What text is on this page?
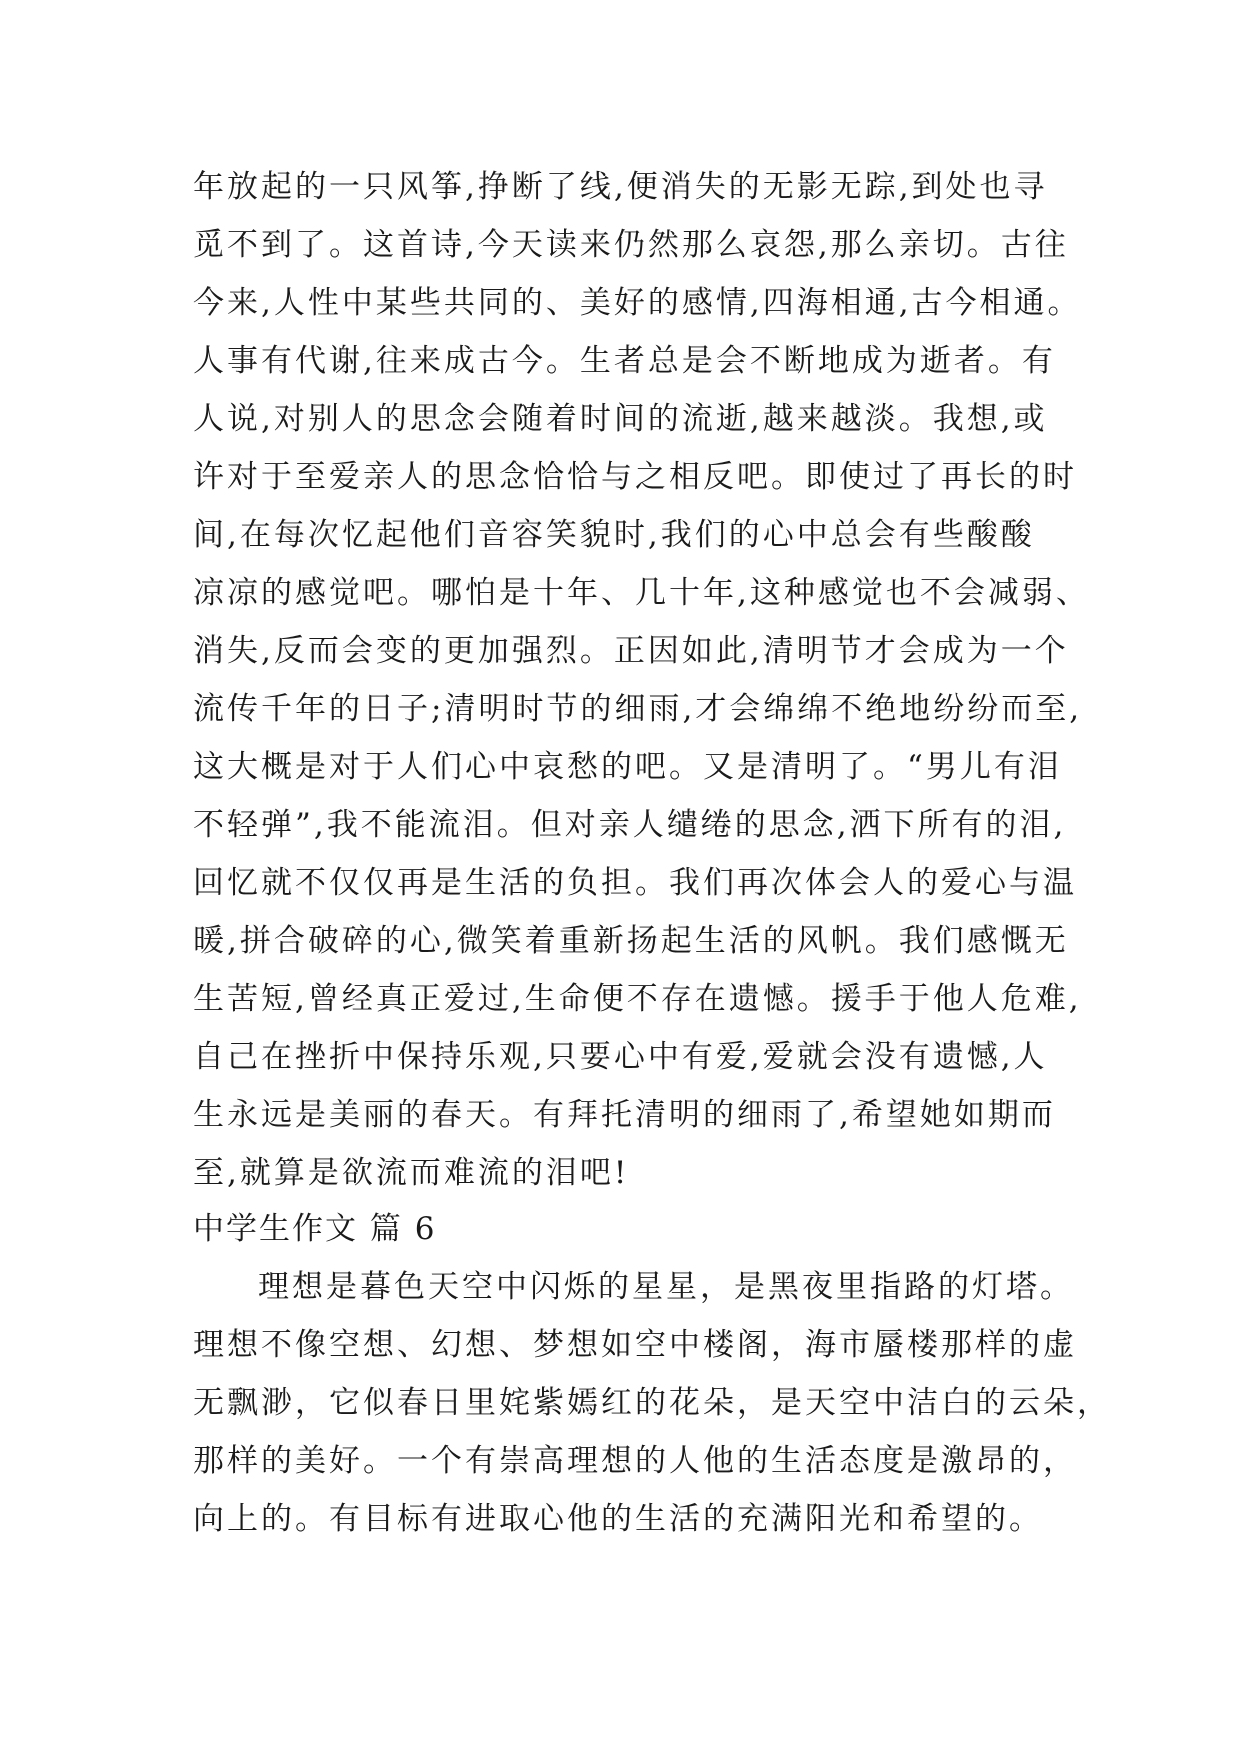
年放起的一只风筝,挣断了线,便消失的无影无踪,到处也寻
觅不到了。这首诗,今天读来仍然那么哀怨,那么亲切。古往
今来,人性中某些共同的、美好的感情,四海相通,古今相通。
人事有代谢,往来成古今。生者总是会不断地成为逝者。有
人说,对别人的思念会随着时间的流逝,越来越淡。我想,或
许对于至爱亲人的思念恰恰与之相反吧。即使过了再长的时
间,在每次忆起他们音容笑貌时,我们的心中总会有些酸酸
凉凉的感觉吧。哪怕是十年、几十年,这种感觉也不会减弱、
消失,反而会变的更加强烈。正因如此,清明节才会成为一个
流传千年的日子;清明时节的细雨,才会绵绵不绝地纷纷而至,
这大概是对于人们心中哀愁的吧。又是清明了。“男儿有泪
不轻弹”,我不能流泪。但对亲人缱绻的思念,洒下所有的泪,
回忆就不仅仅再是生活的负担。我们再次体会人的爱心与温
暖,拼合破碎的心,微笑着重新扬起生活的风帆。我们感慨无
生苦短,曾经真正爱过,生命便不存在遗憾。援手于他人危难,
自己在挫折中保持乐观,只要心中有爱,爱就会没有遗憾,人
生永远是美丽的春天。有拜托清明的细雨了,希望她如期而
至,就算是欲流而难流的泪吧!
中学生作文 篇 6
理想是暮色天空中闪烁的星星，是黑夜里指路的灯塔。
理想不像空想、幻想、梦想如空中楼阁，海市蜃楼那样的虚
无飘渺，它似春日里姹紫嫣红的花朵，是天空中洁白的云朵，
那样的美好。一个有崇高理想的人他的生活态度是激昂的，
向上的。有目标有进取心他的生活的充满阳光和希望的。
